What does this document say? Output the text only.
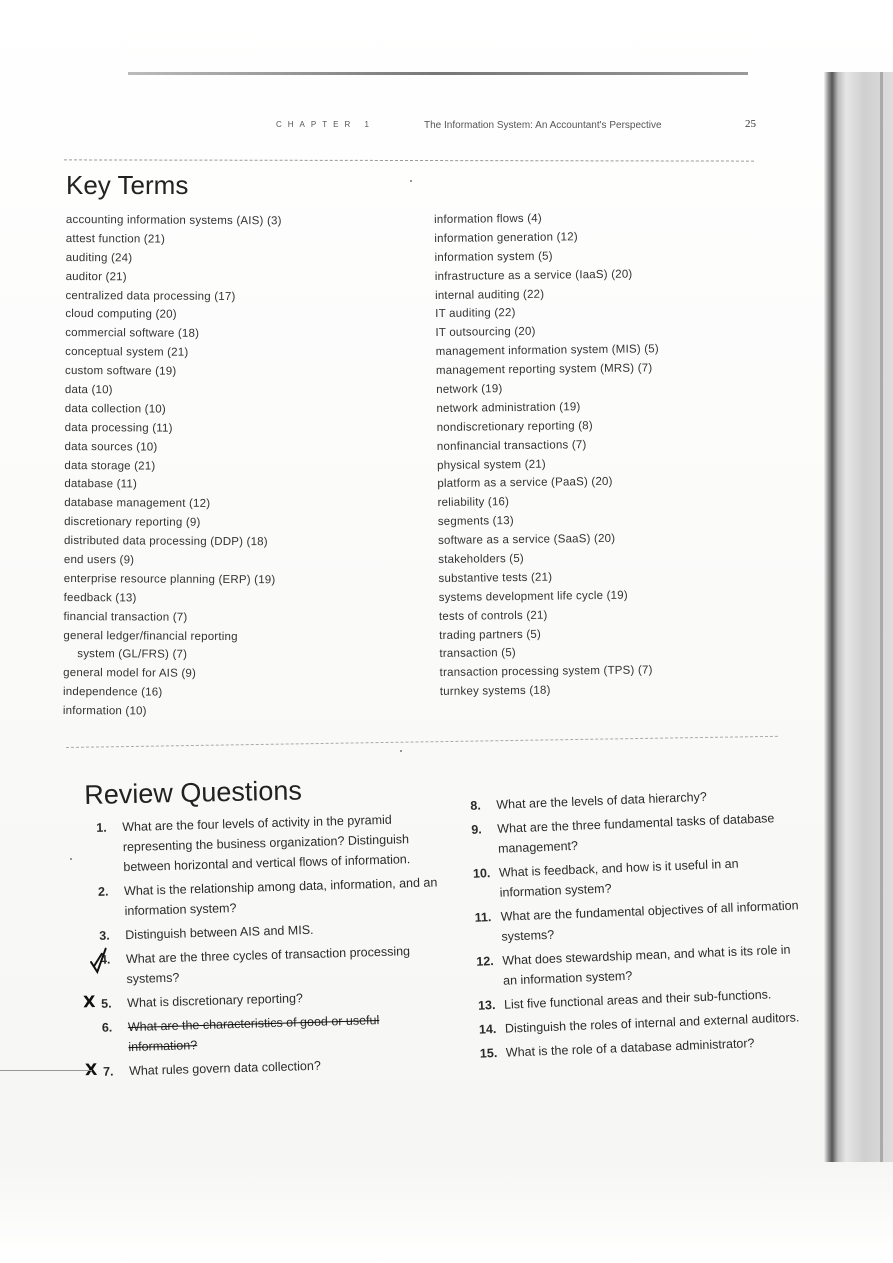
CHAPTER 1	The Information System: An Accountant's Perspective	25
Key Terms
accounting information systems (AIS) (3)
attest function (21)
auditing (24)
auditor (21)
centralized data processing (17)
cloud computing (20)
commercial software (18)
conceptual system (21)
custom software (19)
data (10)
data collection (10)
data processing (11)
data sources (10)
data storage (21)
database (11)
database management (12)
discretionary reporting (9)
distributed data processing (DDP) (18)
end users (9)
enterprise resource planning (ERP) (19)
feedback (13)
financial transaction (7)
general ledger/financial reporting
system (GL/FRS) (7)
general model for AIS (9)
independence (16)
information (10)
information flows (4)
information generation (12)
information system (5)
infrastructure as a service (IaaS) (20)
internal auditing (22)
IT auditing (22)
IT outsourcing (20)
management information system (MIS) (5)
management reporting system (MRS) (7)
network (19)
network administration (19)
nondiscretionary reporting (8)
nonfinancial transactions (7)
physical system (21)
platform as a service (PaaS) (20)
reliability (16)
segments (13)
software as a service (SaaS) (20)
stakeholders (5)
substantive tests (21)
systems development life cycle (19)
tests of controls (21)
trading partners (5)
transaction (5)
transaction processing system (TPS) (7)
turnkey systems (18)
Review Questions
1. What are the four levels of activity in the pyramid representing the business organization? Distinguish between horizontal and vertical flows of information.
2. What is the relationship among data, information, and an information system?
3. Distinguish between AIS and MIS.
4. What are the three cycles of transaction processing systems?
5. What is discretionary reporting?
X
6. What are the characteristics of good or useful information?
7. What rules govern data collection?
X
8. What are the levels of data hierarchy?
9. What are the three fundamental tasks of database management?
10. What is feedback, and how is it useful in an information system?
11. What are the fundamental objectives of all information systems?
12. What does stewardship mean, and what is its role in an information system?
13. List five functional areas and their sub-functions.
14. Distinguish the roles of internal and external auditors.
15. What is the role of a database administrator?
